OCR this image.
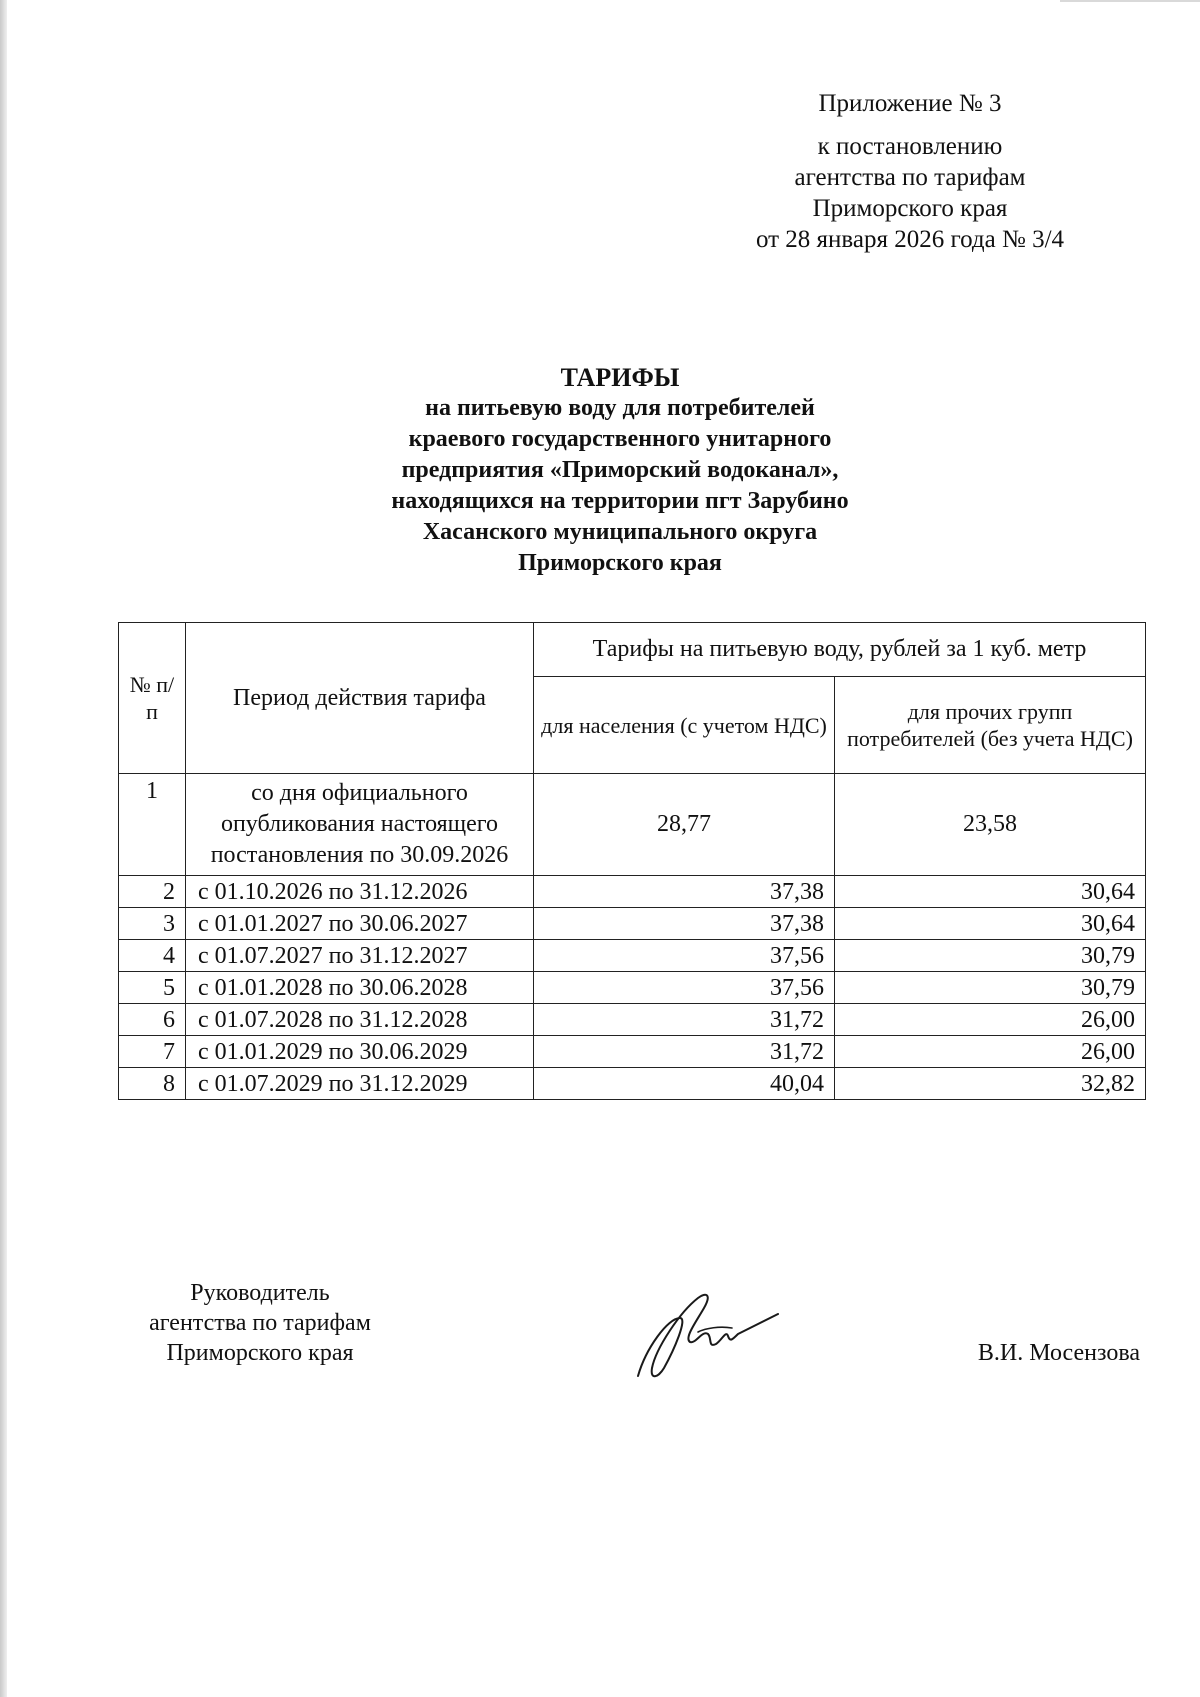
Приложение № 3
к постановлению
агентства по тарифам
Приморского края
от 28 января 2026 года № 3/4
ТАРИФЫ
на питьевую воду для потребителей
краевого государственного унитарного
предприятия «Приморский водоканал»,
находящихся на территории пгт Зарубино
Хасанского муниципального округа
Приморского края
№ п/п	Период действия тарифа	Тарифы на питьевую воду, рублей за 1 куб. метр	
		для населения (с учетом НДС)	для прочих групп потребителей (без учета НДС)
1	со дня официального опубликования настоящего постановления по 30.09.2026	28,77	23,58
2	с 01.10.2026 по 31.12.2026	37,38	30,64
3	с 01.01.2027 по 30.06.2027	37,38	30,64
4	с 01.07.2027 по 31.12.2027	37,56	30,79
5	с 01.01.2028 по 30.06.2028	37,56	30,79
6	с 01.07.2028 по 31.12.2028	31,72	26,00
7	с 01.01.2029 по 30.06.2029	31,72	26,00
8	с 01.07.2029 по 31.12.2029	40,04	32,82
Руководитель
агентства по тарифам
Приморского края	В.И. Мосензова
